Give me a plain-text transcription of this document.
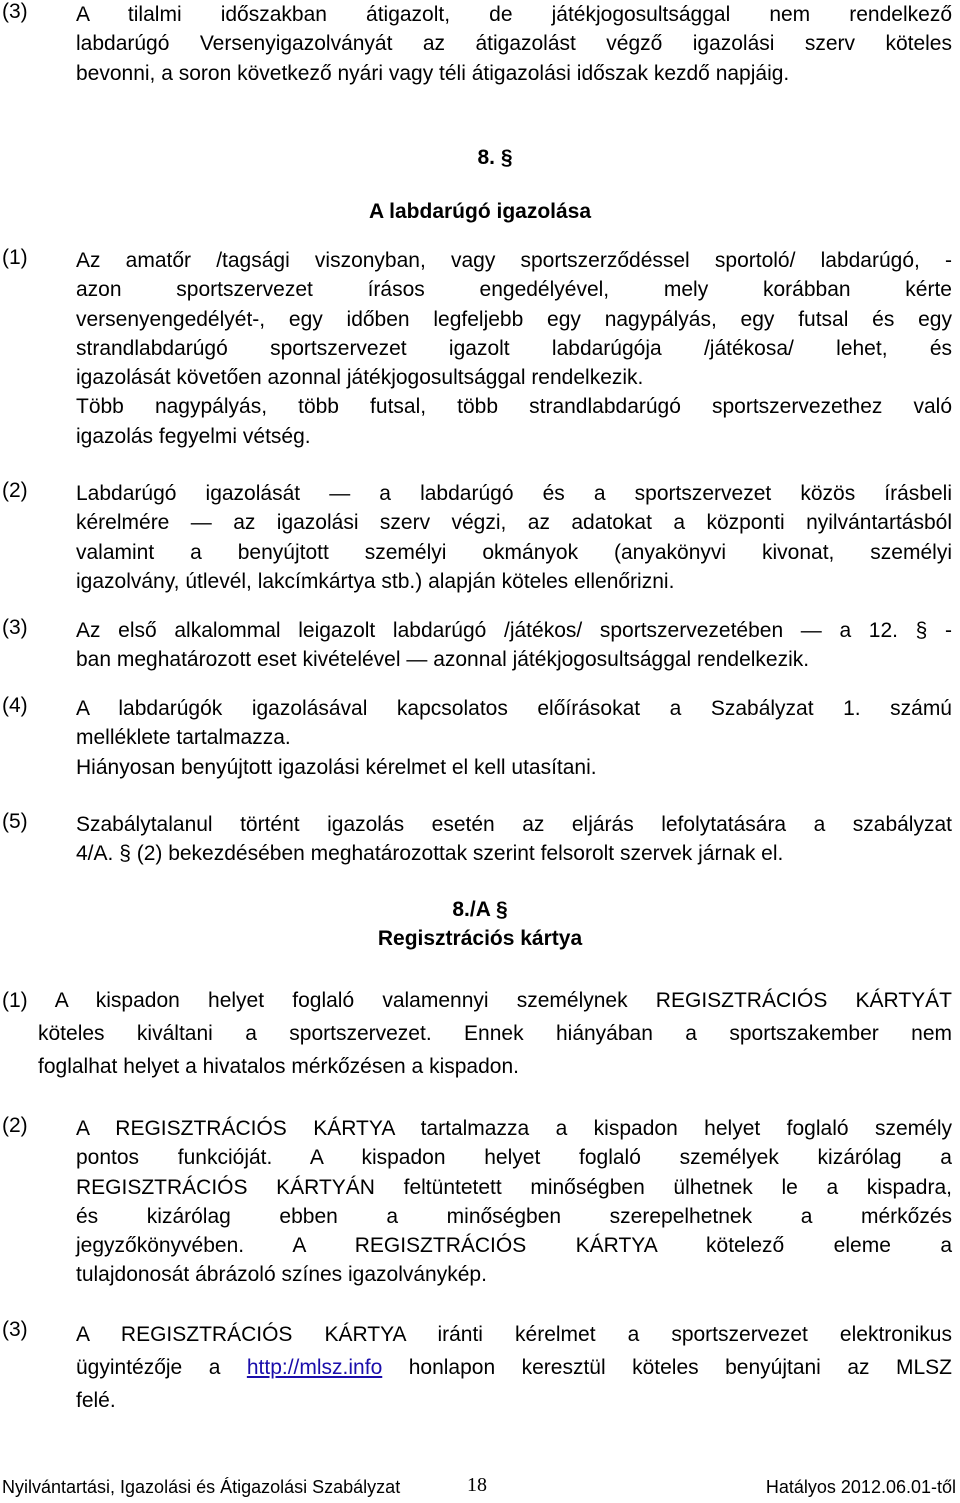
(3) A tilalmi időszakban átigazolt, de játékjogosultsággal nem rendelkező
labdarúgó Versenyigazolványát az átigazolást végző igazolási szerv köteles
bevonni, a soron következő nyári vagy téli átigazolási időszak kezdő napjáig.
8. §
A labdarúgó igazolása
(1) Az amatőr /tagsági viszonyban, vagy sportszerződéssel sportoló/ labdarúgó, -
azon sportszervezet írásos engedélyével, mely korábban kérte
versenyengedélyét-, egy időben legfeljebb egy nagypályás, egy futsal és egy
strandlabdarúgó sportszervezet igazolt labdarúgója /játékosa/ lehet, és
igazolását követően azonnal játékjogosultsággal rendelkezik.
Több nagypályás, több futsal, több strandlabdarúgó sportszervezethez való
igazolás fegyelmi vétség.
(2) Labdarúgó igazolását — a labdarúgó és a sportszervezet közös írásbeli
kérelmére — az igazolási szerv végzi, az adatokat a központi nyilvántartásból
valamint a benyújtott személyi okmányok (anyakönyvi kivonat, személyi
igazolvány, útlevél, lakcímkártya stb.) alapján köteles ellenőrizni.
(3) Az első alkalommal leigazolt labdarúgó /játékos/ sportszervezetében — a 12. § -
ban meghatározott eset kivételével — azonnal játékjogosultsággal rendelkezik.
(4) A labdarúgók igazolásával kapcsolatos előírásokat a Szabályzat 1. számú
melléklete tartalmazza.
Hiányosan benyújtott igazolási kérelmet el kell utasítani.
(5) Szabálytalanul történt igazolás esetén az eljárás lefolytatására a szabályzat
4/A. § (2) bekezdésében meghatározottak szerint felsorolt szervek járnak el.
8./A §
Regisztrációs kártya
(1) A kispadon helyet foglaló valamennyi személynek REGISZTRÁCIÓS KÁRTYÁT
köteles kiváltani a sportszervezet. Ennek hiányában a sportszakember nem
foglalhat helyet a hivatalos mérkőzésen a kispadon.
(2) A REGISZTRÁCIÓS KÁRTYA tartalmazza a kispadon helyet foglaló személy
pontos funkcióját. A kispadon helyet foglaló személyek kizárólag a
REGISZTRÁCIÓS KÁRTYÁN feltüntetett minőségben ülhetnek le a kispadra,
és kizárólag ebben a minőségben szerepelhetnek a mérkőzés
jegyzőkönyvében. A REGISZTRÁCIÓS KÁRTYA kötelező eleme a
tulajdonosát ábrázoló színes igazolványkép.
(3) A REGISZTRÁCIÓS KÁRTYA iránti kérelmet a sportszervezet elektronikus
ügyintézője a http://mlsz.info honlapon keresztül köteles benyújtani az MLSZ
felé.
Nyilvántartási, Igazolási és Átigazolási Szabályzat	18	Hatályos 2012.06.01-től
